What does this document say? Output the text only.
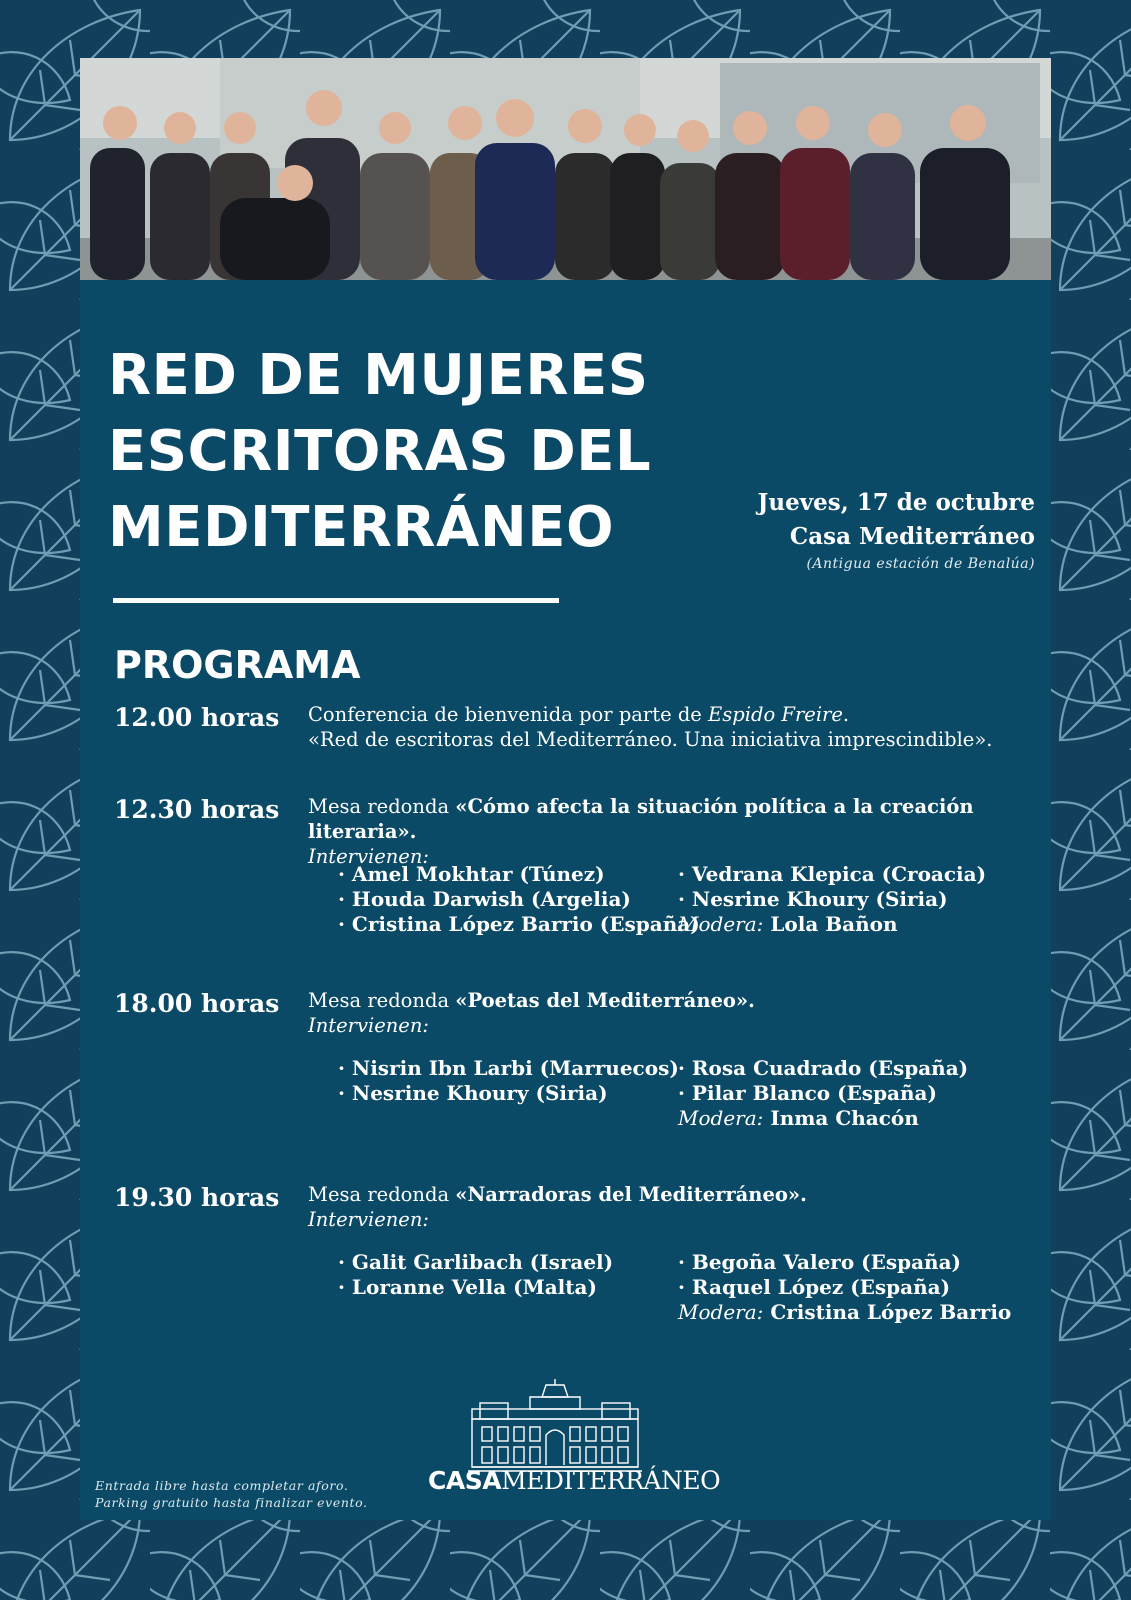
RED DE MUJERES
ESCRITORAS DEL
MEDITERRÁNEO	Jueves, 17 de octubre
Casa Mediterráneo
(Antigua estación de Benalúa)
PROGRAMA
12.00 horas Conferencia de bienvenida por parte de Espido Freire.
«Red de escritoras del Mediterráneo. Una iniciativa imprescindible».
12.30 horas Mesa redonda «Cómo afecta la situación política a la creación literaria».
Intervienen:
· Amel Mokhtar (Túnez)
· Houda Darwish (Argelia)
· Cristina López Barrio (España)
· Vedrana Klepica (Croacia)
· Nesrine Khoury (Siria)
Modera: Lola Bañon
18.00 horas Mesa redonda «Poetas del Mediterráneo».
Intervienen:
· Nisrin Ibn Larbi (Marruecos)
· Nesrine Khoury (Siria)
· Rosa Cuadrado (España)
· Pilar Blanco (España)
Modera: Inma Chacón
19.30 horas Mesa redonda «Narradoras del Mediterráneo».
Intervienen:
· Galit Garlibach (Israel)
· Loranne Vella (Malta)
· Begoña Valero (España)
· Raquel López (España)
Modera: Cristina López Barrio
Entrada libre hasta completar aforo.
Parking gratuito hasta finalizar evento.
CASAMEDITERRÁNEO
